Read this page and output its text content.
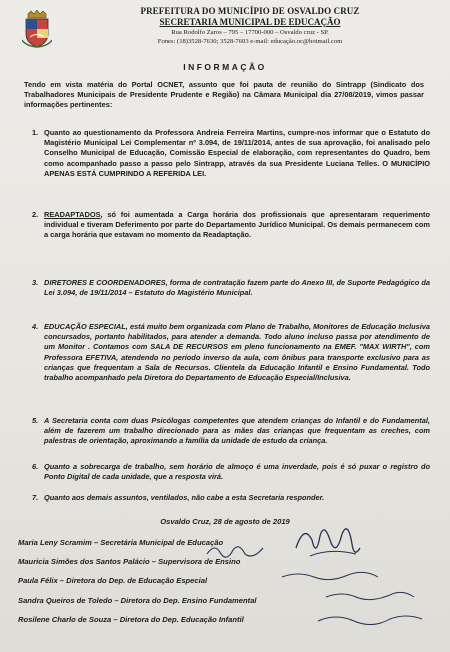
PREFEITURA DO MUNICÍPIO DE OSVALDO CRUZ
SECRETARIA MUNICIPAL DE EDUCAÇÃO
Rua Rodolfo Zaros – 795 – 17700-000 – Osvaldo cruz - SP.
Fones: (18)3528-7630; 3528-7603 e-mail: educação.oc@hotmail.com
INFORMAÇÃO
Tendo em vista matéria do Portal OCNET, assunto que foi pauta de reunião do Sintrapp (Sindicato dos Trabalhadores Municipais de Presidente Prudente e Região) na Câmara Municipal dia 27/08/2019, vimos passar informações pertinentes:
1. Quanto ao questionamento da Professora Andreia Ferreira Martins, cumpre-nos informar que o Estatuto do Magistério Municipal Lei Complementar nº 3.094, de 19/11/2014, antes de sua aprovação, foi analisado pelo Conselho Municipal de Educação, Comissão Especial de elaboração, com representantes do Quadro, bem como acompanhado passo a passo pelo Sintrapp, através da sua Presidente Luciana Telles. O MUNICÍPIO APENAS ESTÁ CUMPRINDO A REFERIDA LEI.
2. READAPTADOS, só foi aumentada a Carga horária dos profissionais que apresentaram requerimento individual e tiveram Deferimento por parte do Departamento Jurídico Municipal. Os demais permanecem com a carga horária que estavam no momento da Readaptação.
3. DIRETORES E COORDENADORES, forma de contratação fazem parte do Anexo III, de Suporte Pedagógico da Lei 3.094, de 19/11/2014 – Estatuto do Magistério Municipal.
4. EDUCAÇÃO ESPECIAL, está muito bem organizada com Plano de Trabalho, Monitores de Educação Inclusiva concursados, portanto habilitados, para atender a demanda. Todo aluno incluso passa por atendimento de um Monitor . Contamos com SALA DE RECURSOS em pleno funcionamento na EMEF. "MAX WIRTH", com Professora EFETIVA, atendendo no período inverso da aula, com ônibus para transporte exclusivo para as crianças que frequentam a Sala de Recursos. Clientela da Educação Infantil e Ensino Fundamental. Todo trabalho acompanhado pela Diretora do Departamento de Educação Especial/Inclusiva.
5. A Secretaria conta com duas Psicólogas competentes que atendem crianças do Infantil e do Fundamental, além de fazerem um trabalho direcionado para as mães das crianças que frequentam as creches, com palestras de orientação, aproximando a família da unidade de estudo da criança.
6. Quanto a sobrecarga de trabalho, sem horário de almoço é uma inverdade, pois é só puxar o registro do Ponto Digital de cada unidade, que a resposta virá.
7. Quanto aos demais assuntos, ventilados, não cabe a esta Secretaria responder.
Osvaldo Cruz, 28 de agosto de 2019
Maria Leny Scramim – Secretária Municipal de Educação
Mauricia Simões dos Santos Palácio – Supervisora de Ensino
Paula Félix – Diretora do Dep. de Educação Especial
Sandra Queiros de Toledo – Diretora do Dep. Ensino Fundamental
Rosilene Charlo de Souza – Diretora do Dep. Educação Infantil
